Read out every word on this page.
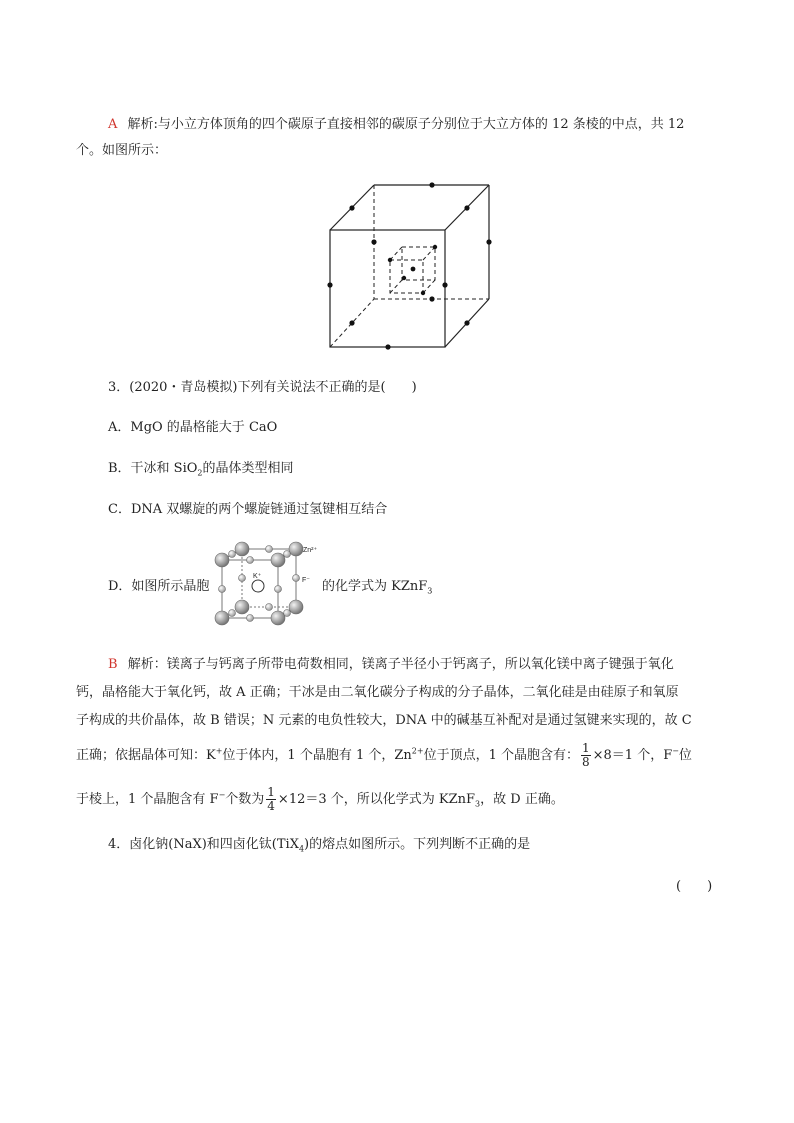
A 解析:与小立方体顶角的四个碳原子直接相邻的碳原子分别位于大立方体的 12 条棱的中点，共 12
个。如图所示：
3．(2020・青岛模拟)下列有关说法不正确的是(　　)
A．MgO 的晶格能大于 CaO
B．干冰和 SiO$_2$的晶体类型相同
C．DNA 双螺旋的两个螺旋链通过氢键相互结合
D．如图所示晶胞
Zn²⁺
K⁺
F⁻ 的化学式为 KZnF$_3$
B 解析：镁离子与钙离子所带电荷数相同，镁离子半径小于钙离子，所以氧化镁中离子键强于氧化
钙，晶格能大于氧化钙，故 A 正确；干冰是由二氧化碳分子构成的分子晶体，二氧化硅是由硅原子和氧原
子构成的共价晶体，故 B 错误；N 元素的电负性较大，DNA 中的碱基互补配对是通过氢键来实现的，故 C
正确；依据晶体可知：K+位于体内，1 个晶胞有 1 个，$Zn^{2+}$位于顶点，1 个晶胞含有： $\frac{1}{8} \times 8=1$ 个，F−位
于棱上，1 个晶胞含有 F−个数为 $\frac{1}{4} \times 12=3$ 个，所以化学式为 KZnF$_3$，故 D 正确。
4．卤化钠(NaX)和四卤化钛(TiX$_4$)的熔点如图所示。下列判断不正确的是
(　　)
